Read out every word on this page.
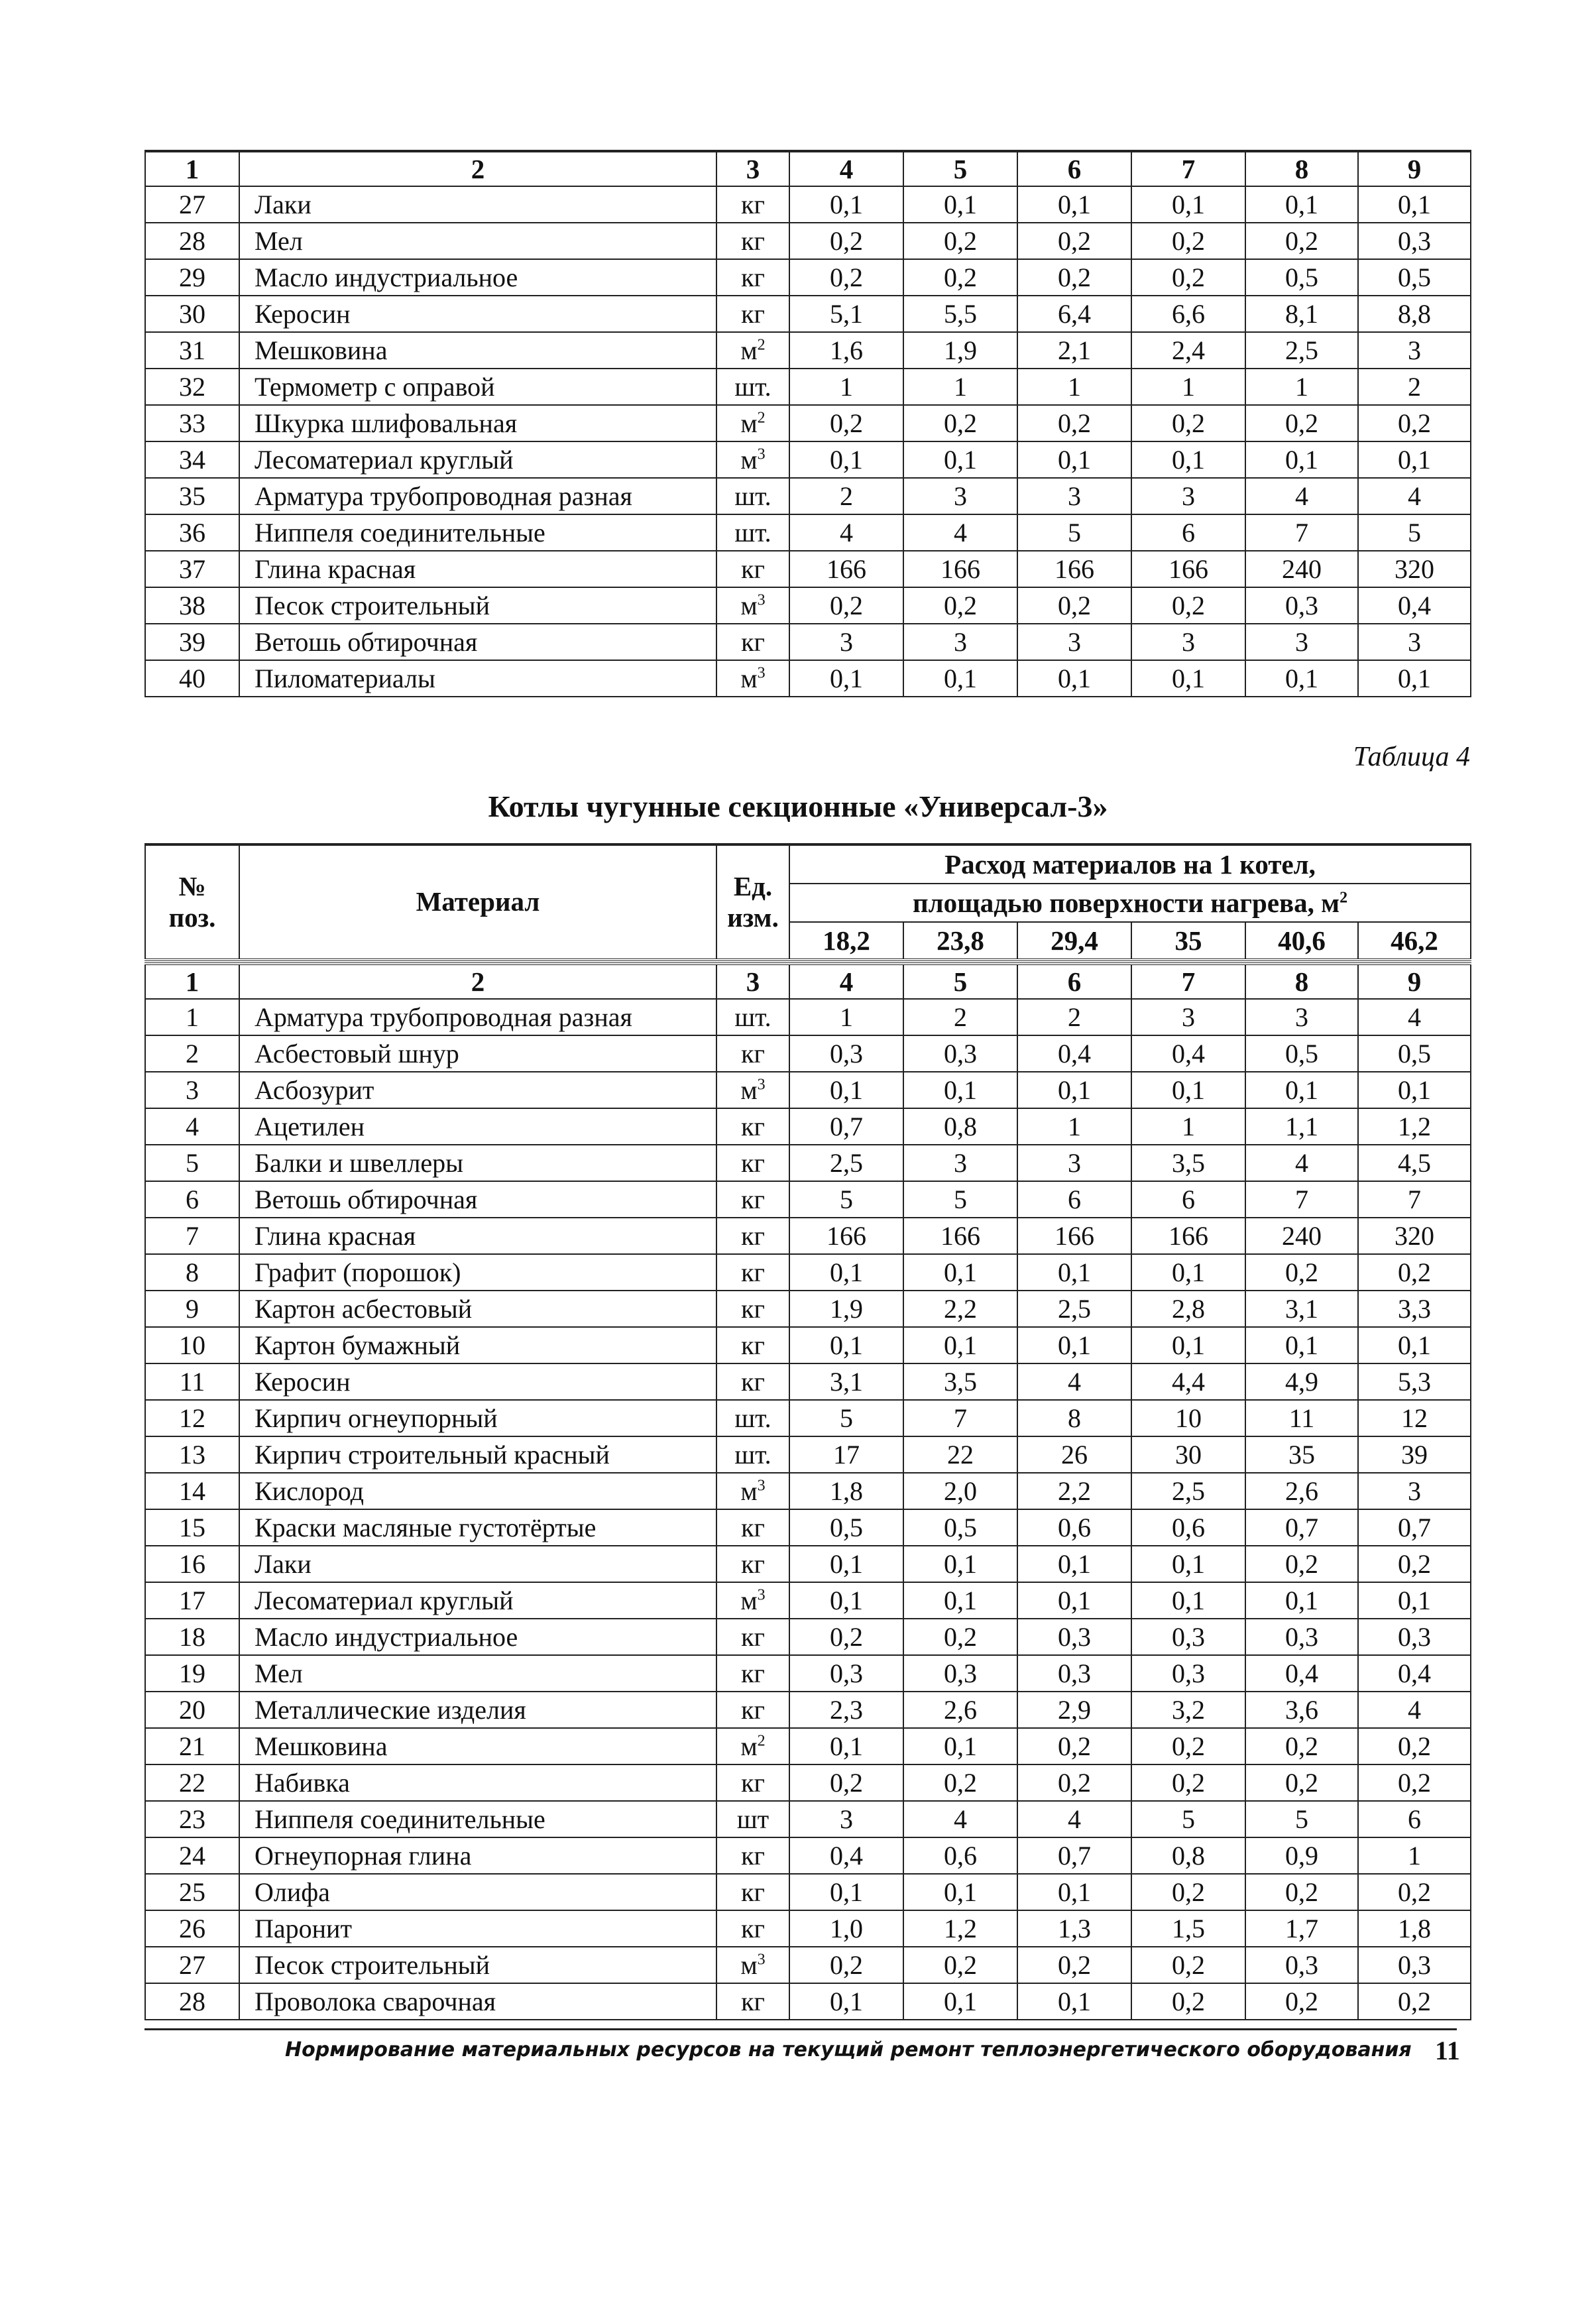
1	2	3	4	5	6	7	8	9
27	Лаки	кг	0,1	0,1	0,1	0,1	0,1	0,1
28	Мел	кг	0,2	0,2	0,2	0,2	0,2	0,3
29	Масло индустриальное	кг	0,2	0,2	0,2	0,2	0,5	0,5
30	Керосин	кг	5,1	5,5	6,4	6,6	8,1	8,8
31	Мешковина	$м^2$	1,6	1,9	2,1	2,4	2,5	3
32	Термометр с оправой	шт.	1	1	1	1	1	2
33	Шкурка шлифовальная	$м^2$	0,2	0,2	0,2	0,2	0,2	0,2
34	Лесоматериал круглый	$м^3$	0,1	0,1	0,1	0,1	0,1	0,1
35	Арматура трубопроводная разная	шт.	2	3	3	3	4	4
36	Ниппеля соединительные	шт.	4	4	5	6	7	5
37	Глина красная	кг	166	166	166	166	240	320
38	Песок строительный	$м^3$	0,2	0,2	0,2	0,2	0,3	0,4
39	Ветошь обтирочная	кг	3	3	3	3	3	3
40	Пиломатериалы	$м^3$	0,1	0,1	0,1	0,1	0,1	0,1
Таблица 4
Котлы чугунные секционные «Универсал-3»
№ поз.	Материал	Ед. изм.	Расход материалов на 1 котел,					
			площадью поверхности нагрева, $м^2$
			18,2	23,8	29,4	35	40,6	46,2
1	2	3	4	5	6	7	8	9
1	Арматура трубопроводная разная	шт.	1	2	2	3	3	4
2	Асбестовый шнур	кг	0,3	0,3	0,4	0,4	0,5	0,5
3	Асбозурит	$м^3$	0,1	0,1	0,1	0,1	0,1	0,1
4	Ацетилен	кг	0,7	0,8	1	1	1,1	1,2
5	Балки и швеллеры	кг	2,5	3	3	3,5	4	4,5
6	Ветошь обтирочная	кг	5	5	6	6	7	7
7	Глина красная	кг	166	166	166	166	240	320
8	Графит (порошок)	кг	0,1	0,1	0,1	0,1	0,2	0,2
9	Картон асбестовый	кг	1,9	2,2	2,5	2,8	3,1	3,3
10	Картон бумажный	кг	0,1	0,1	0,1	0,1	0,1	0,1
11	Керосин	кг	3,1	3,5	4	4,4	4,9	5,3
12	Кирпич огнеупорный	шт.	5	7	8	10	11	12
13	Кирпич строительный красный	шт.	17	22	26	30	35	39
14	Кислород	$м^3$	1,8	2,0	2,2	2,5	2,6	3
15	Краски масляные густотёртые	кг	0,5	0,5	0,6	0,6	0,7	0,7
16	Лаки	кг	0,1	0,1	0,1	0,1	0,2	0,2
17	Лесоматериал круглый	$м^3$	0,1	0,1	0,1	0,1	0,1	0,1
18	Масло индустриальное	кг	0,2	0,2	0,3	0,3	0,3	0,3
19	Мел	кг	0,3	0,3	0,3	0,3	0,4	0,4
20	Металлические изделия	кг	2,3	2,6	2,9	3,2	3,6	4
21	Мешковина	$м^2$	0,1	0,1	0,2	0,2	0,2	0,2
22	Набивка	кг	0,2	0,2	0,2	0,2	0,2	0,2
23	Ниппеля соединительные	шт	3	4	4	5	5	6
24	Огнеупорная глина	кг	0,4	0,6	0,7	0,8	0,9	1
25	Олифа	кг	0,1	0,1	0,1	0,2	0,2	0,2
26	Паронит	кг	1,0	1,2	1,3	1,5	1,7	1,8
27	Песок строительный	$м^3$	0,2	0,2	0,2	0,2	0,3	0,3
28	Проволока сварочная	кг	0,1	0,1	0,1	0,2	0,2	0,2
Нормирование материальных ресурсов на текущий ремонт теплоэнергетического оборудования 11
